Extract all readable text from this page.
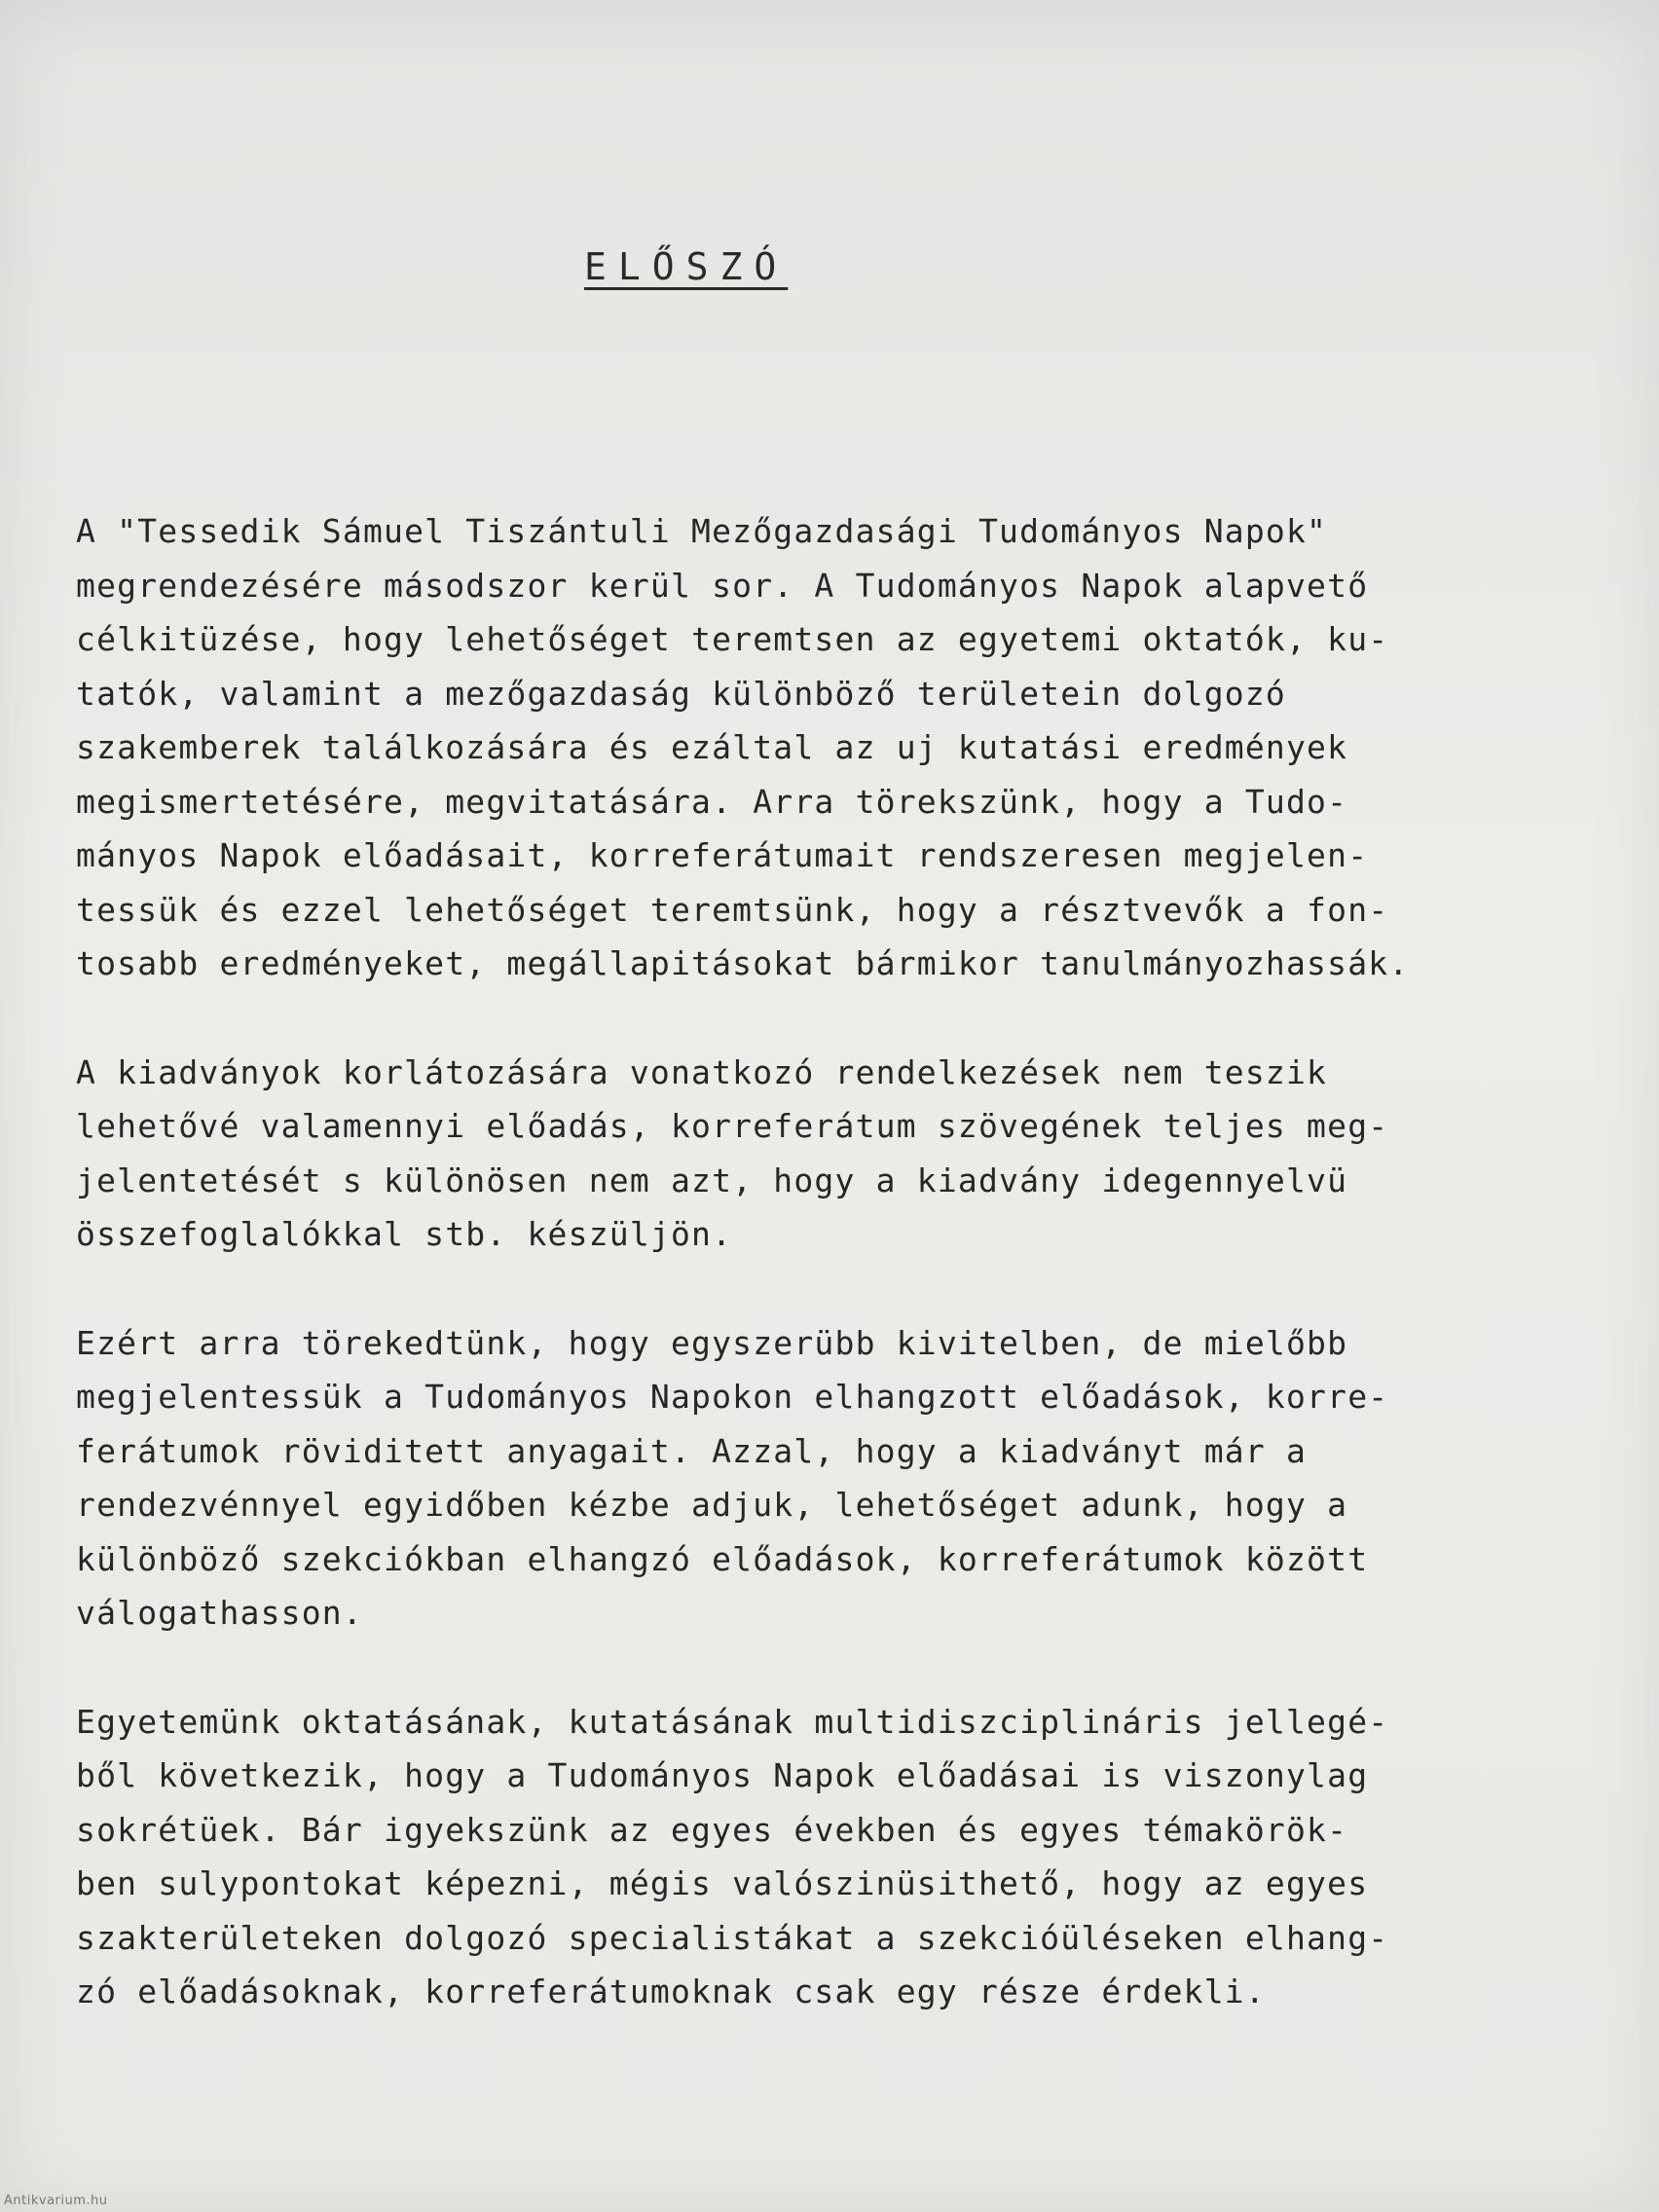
ELŐSZÓ
A "Tessedik Sámuel Tiszántuli Mezőgazdasági Tudományos Napok"
megrendezésére másodszor kerül sor. A Tudományos Napok alapvető
célkitüzése, hogy lehetőséget teremtsen az egyetemi oktatók, ku-
tatók, valamint a mezőgazdaság különböző területein dolgozó
szakemberek találkozására és ezáltal az uj kutatási eredmények
megismertetésére, megvitatására. Arra törekszünk, hogy a Tudo-
mányos Napok előadásait, korreferátumait rendszeresen megjelen-
tessük és ezzel lehetőséget teremtsünk, hogy a résztvevők a fon-
tosabb eredményeket, megállapitásokat bármikor tanulmányozhassák.
A kiadványok korlátozására vonatkozó rendelkezések nem teszik
lehetővé valamennyi előadás, korreferátum szövegének teljes meg-
jelentetését s különösen nem azt, hogy a kiadvány idegennyelvü
összefoglalókkal stb. készüljön.
Ezért arra törekedtünk, hogy egyszerübb kivitelben, de mielőbb
megjelentessük a Tudományos Napokon elhangzott előadások, korre-
ferátumok röviditett anyagait. Azzal, hogy a kiadványt már a
rendezvénnyel egyidőben kézbe adjuk, lehetőséget adunk, hogy a
különböző szekciókban elhangzó előadások, korreferátumok között
válogathasson.
Egyetemünk oktatásának, kutatásának multidiszciplináris jellegé-
ből következik, hogy a Tudományos Napok előadásai is viszonylag
sokrétüek. Bár igyekszünk az egyes években és egyes témakörök-
ben sulypontokat képezni, mégis valószinüsithető, hogy az egyes
szakterületeken dolgozó specialistákat a szekcióüléseken elhang-
zó előadásoknak, korreferátumoknak csak egy része érdekli.
Antikvarium.hu
